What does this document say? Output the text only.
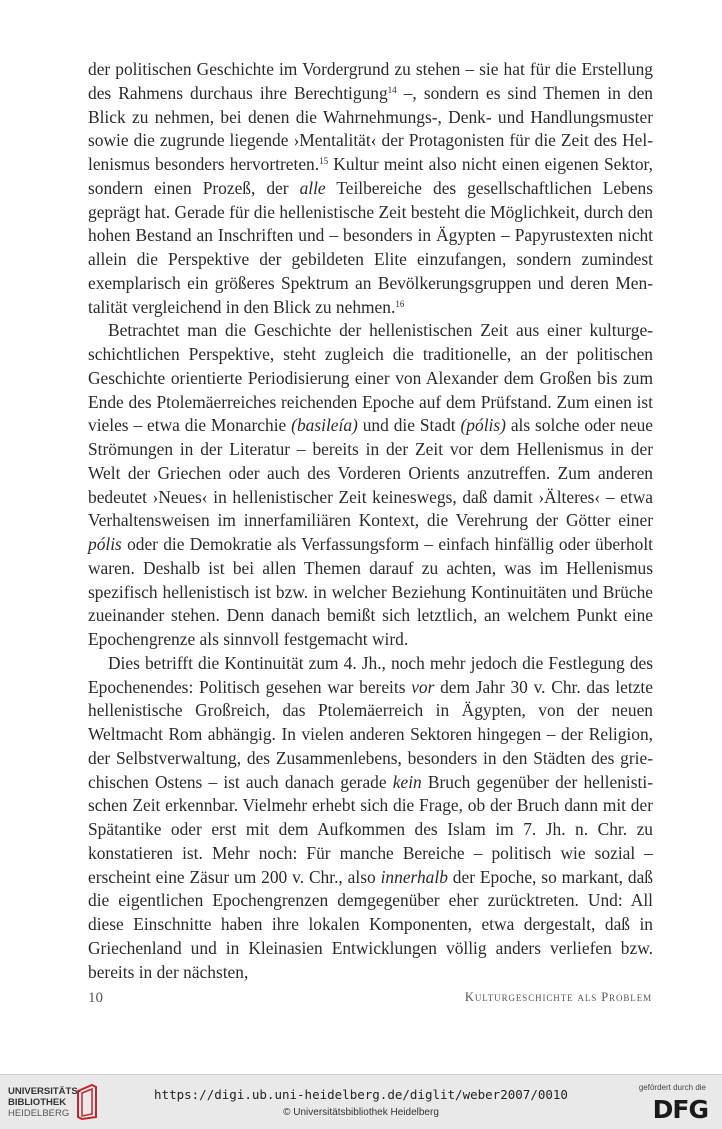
der politischen Geschichte im Vordergrund zu stehen – sie hat für die Erstellung des Rahmens durchaus ihre Berechtigung$^{14}$ –, sondern es sind Themen in den Blick zu nehmen, bei denen die Wahrnehmungs-, Denk- und Handlungsmuster sowie die zugrunde liegende ›Mentalität‹ der Protagonisten für die Zeit des Hellenismus besonders hervortreten.$^{15}$ Kultur meint also nicht einen eigenen Sektor, sondern einen Prozeß, der alle Teilbereiche des gesellschaftlichen Lebens geprägt hat. Gerade für die hellenistische Zeit besteht die Möglichkeit, durch den hohen Bestand an Inschriften und – besonders in Ägypten – Papyrustexten nicht allein die Perspektive der gebildeten Elite einzufangen, sondern zumindest exemplarisch ein größeres Spektrum an Bevölkerungsgruppen und deren Mentalität vergleichend in den Blick zu nehmen.$^{16}$

Betrachtet man die Geschichte der hellenistischen Zeit aus einer kulturgeschichtlichen Perspektive, steht zugleich die traditionelle, an der politischen Geschichte orientierte Periodisierung einer von Alexander dem Großen bis zum Ende des Ptolemäerreiches reichenden Epoche auf dem Prüfstand. Zum einen ist vieles – etwa die Monarchie (basileía) und die Stadt (pólis) als solche oder neue Strömungen in der Literatur – bereits in der Zeit vor dem Hellenismus in der Welt der Griechen oder auch des Vorderen Orients anzutreffen. Zum anderen bedeutet ›Neues‹ in hellenistischer Zeit keineswegs, daß damit ›Älteres‹ – etwa Verhaltensweisen im innerfamiliären Kontext, die Verehrung der Götter einer pólis oder die Demokratie als Verfassungsform – einfach hinfällig oder überholt waren. Deshalb ist bei allen Themen darauf zu achten, was im Hellenismus spezifisch hellenistisch ist bzw. in welcher Beziehung Kontinuitäten und Brüche zueinander stehen. Denn danach bemißt sich letztlich, an welchem Punkt eine Epochengrenze als sinnvoll festgemacht wird.

Dies betrifft die Kontinuität zum 4. Jh., noch mehr jedoch die Festlegung des Epochenendes: Politisch gesehen war bereits vor dem Jahr 30 v. Chr. das letzte hellenistische Großreich, das Ptolemäerreich in Ägypten, von der neuen Weltmacht Rom abhängig. In vielen anderen Sektoren hingegen – der Religion, der Selbstverwaltung, des Zusammenlebens, besonders in den Städten des griechischen Ostens – ist auch danach gerade kein Bruch gegenüber der hellenistischen Zeit erkennbar. Vielmehr erhebt sich die Frage, ob der Bruch dann mit der Spätantike oder erst mit dem Aufkommen des Islam im 7. Jh. n. Chr. zu konstatieren ist. Mehr noch: Für manche Bereiche – politisch wie sozial – erscheint eine Zäsur um 200 v. Chr., also innerhalb der Epoche, so markant, daß die eigentlichen Epochengrenzen demgegenüber eher zurücktreten. Und: All diese Einschnitte haben ihre lokalen Komponenten, etwa dergestalt, daß in Griechenland und in Kleinasien Entwicklungen völlig anders verliefen bzw. bereits in der nächsten,

10	Kulturgeschichte als Problem
UNIVERSITÄTS-
BIBLIOTHEK
HEIDELBERG
https://digi.ub.uni-heidelberg.de/diglit/weber2007/0010
© Universitätsbibliothek Heidelberg
gefördert durch die
DFG
